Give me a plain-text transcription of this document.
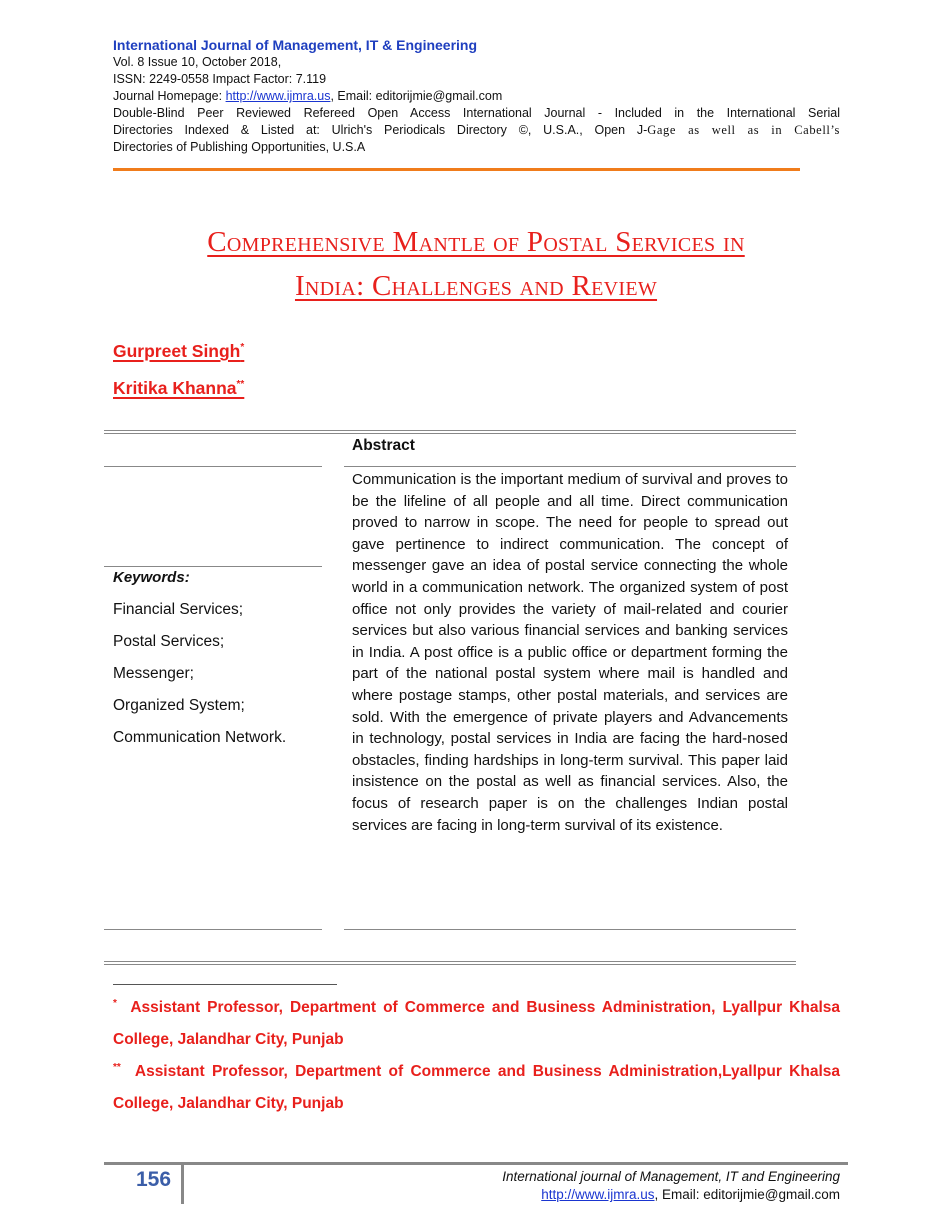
International Journal of Management, IT & Engineering
Vol. 8 Issue 10, October 2018,
ISSN: 2249-0558 Impact Factor: 7.119
Journal Homepage: http://www.ijmra.us, Email: editorijmie@gmail.com
Double-Blind Peer Reviewed Refereed Open Access International Journal - Included in the International Serial
Directories Indexed & Listed at: Ulrich's Periodicals Directory ©, U.S.A., Open J-Gage as well as in Cabell’s
Directories of Publishing Opportunities, U.S.A
Comprehensive Mantle of Postal Services in
India: Challenges and Review
Gurpreet Singh*
Kritika Khanna**
Abstract
Communication is the important medium of survival and proves to be the lifeline of all people and all time. Direct communication proved to narrow in scope. The need for people to spread out gave pertinence to indirect communication. The concept of messenger gave an idea of postal service connecting the whole world in a communication network. The organized system of post office not only provides the variety of mail-related and courier services but also various financial services and banking services in India. A post office is a public office or department forming the part of the national postal system where mail is handled and where postage stamps, other postal materials, and services are sold. With the emergence of private players and Advancements in technology, postal services in India are facing the hard-nosed obstacles, finding hardships in long-term survival. This paper laid insistence on the postal as well as financial services. Also, the focus of research paper is on the challenges Indian postal services are facing in long-term survival of its existence.
Keywords:
Financial Services;
Postal Services;
Messenger;
Organized System;
Communication Network.
* Assistant Professor, Department of Commerce and Business Administration, Lyallpur Khalsa College, Jalandhar City, Punjab
** Assistant Professor, Department of Commerce and Business Administration,Lyallpur Khalsa College, Jalandhar City, Punjab
156	International journal of Management, IT and Engineering
http://www.ijmra.us, Email: editorijmie@gmail.com
